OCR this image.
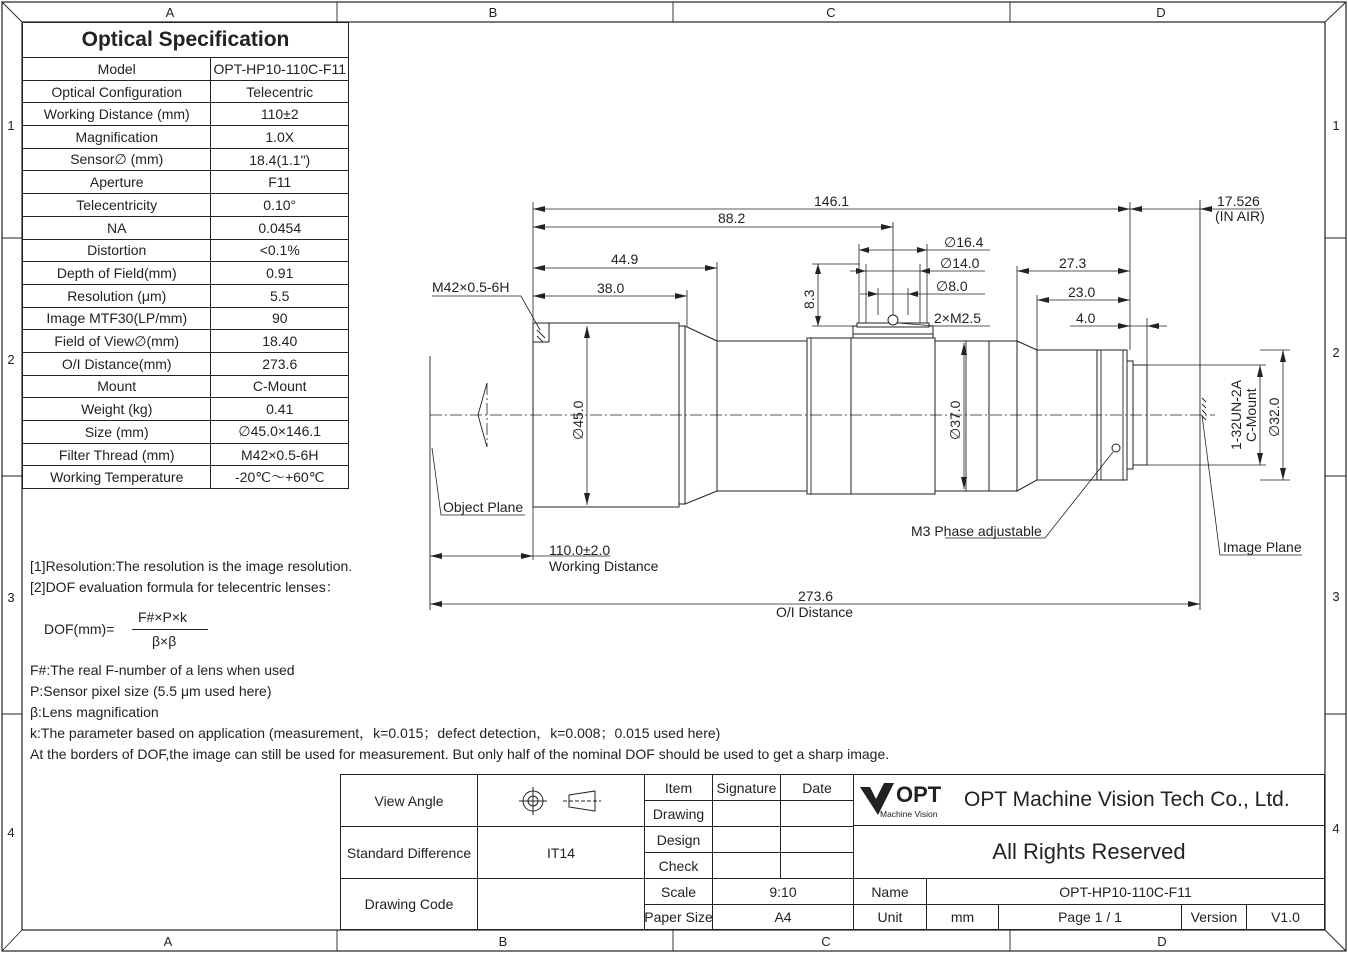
A	B	C	D
A	B	C	D
1
2
3
4
1
2
3
4
146.1
88.2
44.9
38.0
17.526
(IN AIR)
27.3
23.0
4.0
∅16.4
∅14.0
∅8.0
2×M2.5
M42×0.5-6H
8.3
∅45.0	∅37.0	∅32.0
1-32UN-2A C-Mount
110.0±2.0
Working Distance
273.6
O/I Distance
Object Plane
Image Plane
M3 Phase adjustable
Optical Specification	
Model	OPT-HP10-110C-F11
Optical Configuration	Telecentric
Working Distance (mm)	110±2
Magnification	1.0X
Sensor∅ (mm)	18.4(1.1")
Aperture	F11
Telecentricity	0.10°
NA	0.0454
Distortion	<0.1%
Depth of Field(mm)	0.91
Resolution (μm)	5.5
Image MTF30(LP/mm)	90
Field of View∅(mm)	18.40
O/I Distance(mm)	273.6
Mount	C-Mount
Weight (kg)	0.41
Size (mm)	∅45.0×146.1
Filter Thread (mm)	M42×0.5-6H
Working Temperature	-20℃～+60℃
[1]Resolution:The resolution is the image resolution.
[2]DOF evaluation formula for telecentric lenses：
DOF(mm)=
F#×P×k
β×β
F#:The real F-number of a lens when used
P:Sensor pixel size (5.5 μm used here)
β:Lens magnification
k:The parameter based on application (measurement，k=0.015；defect detection，k=0.008；0.015 used here)
At the borders of DOF,the image can still be used for measurement. But only half of the nominal DOF should be used to get a sharp image.
View Angle
Standard Difference	IT14
Drawing Code
Item	Signature	Date
Drawing
Design
Check
Scale	9:10
Paper Size	A4
OPT
Machine Vision
OPT Machine Vision Tech Co., Ltd.
All Rights Reserved
Name	OPT-HP10-110C-F11
Unit	mm	Page 1 / 1	Version	V1.0
